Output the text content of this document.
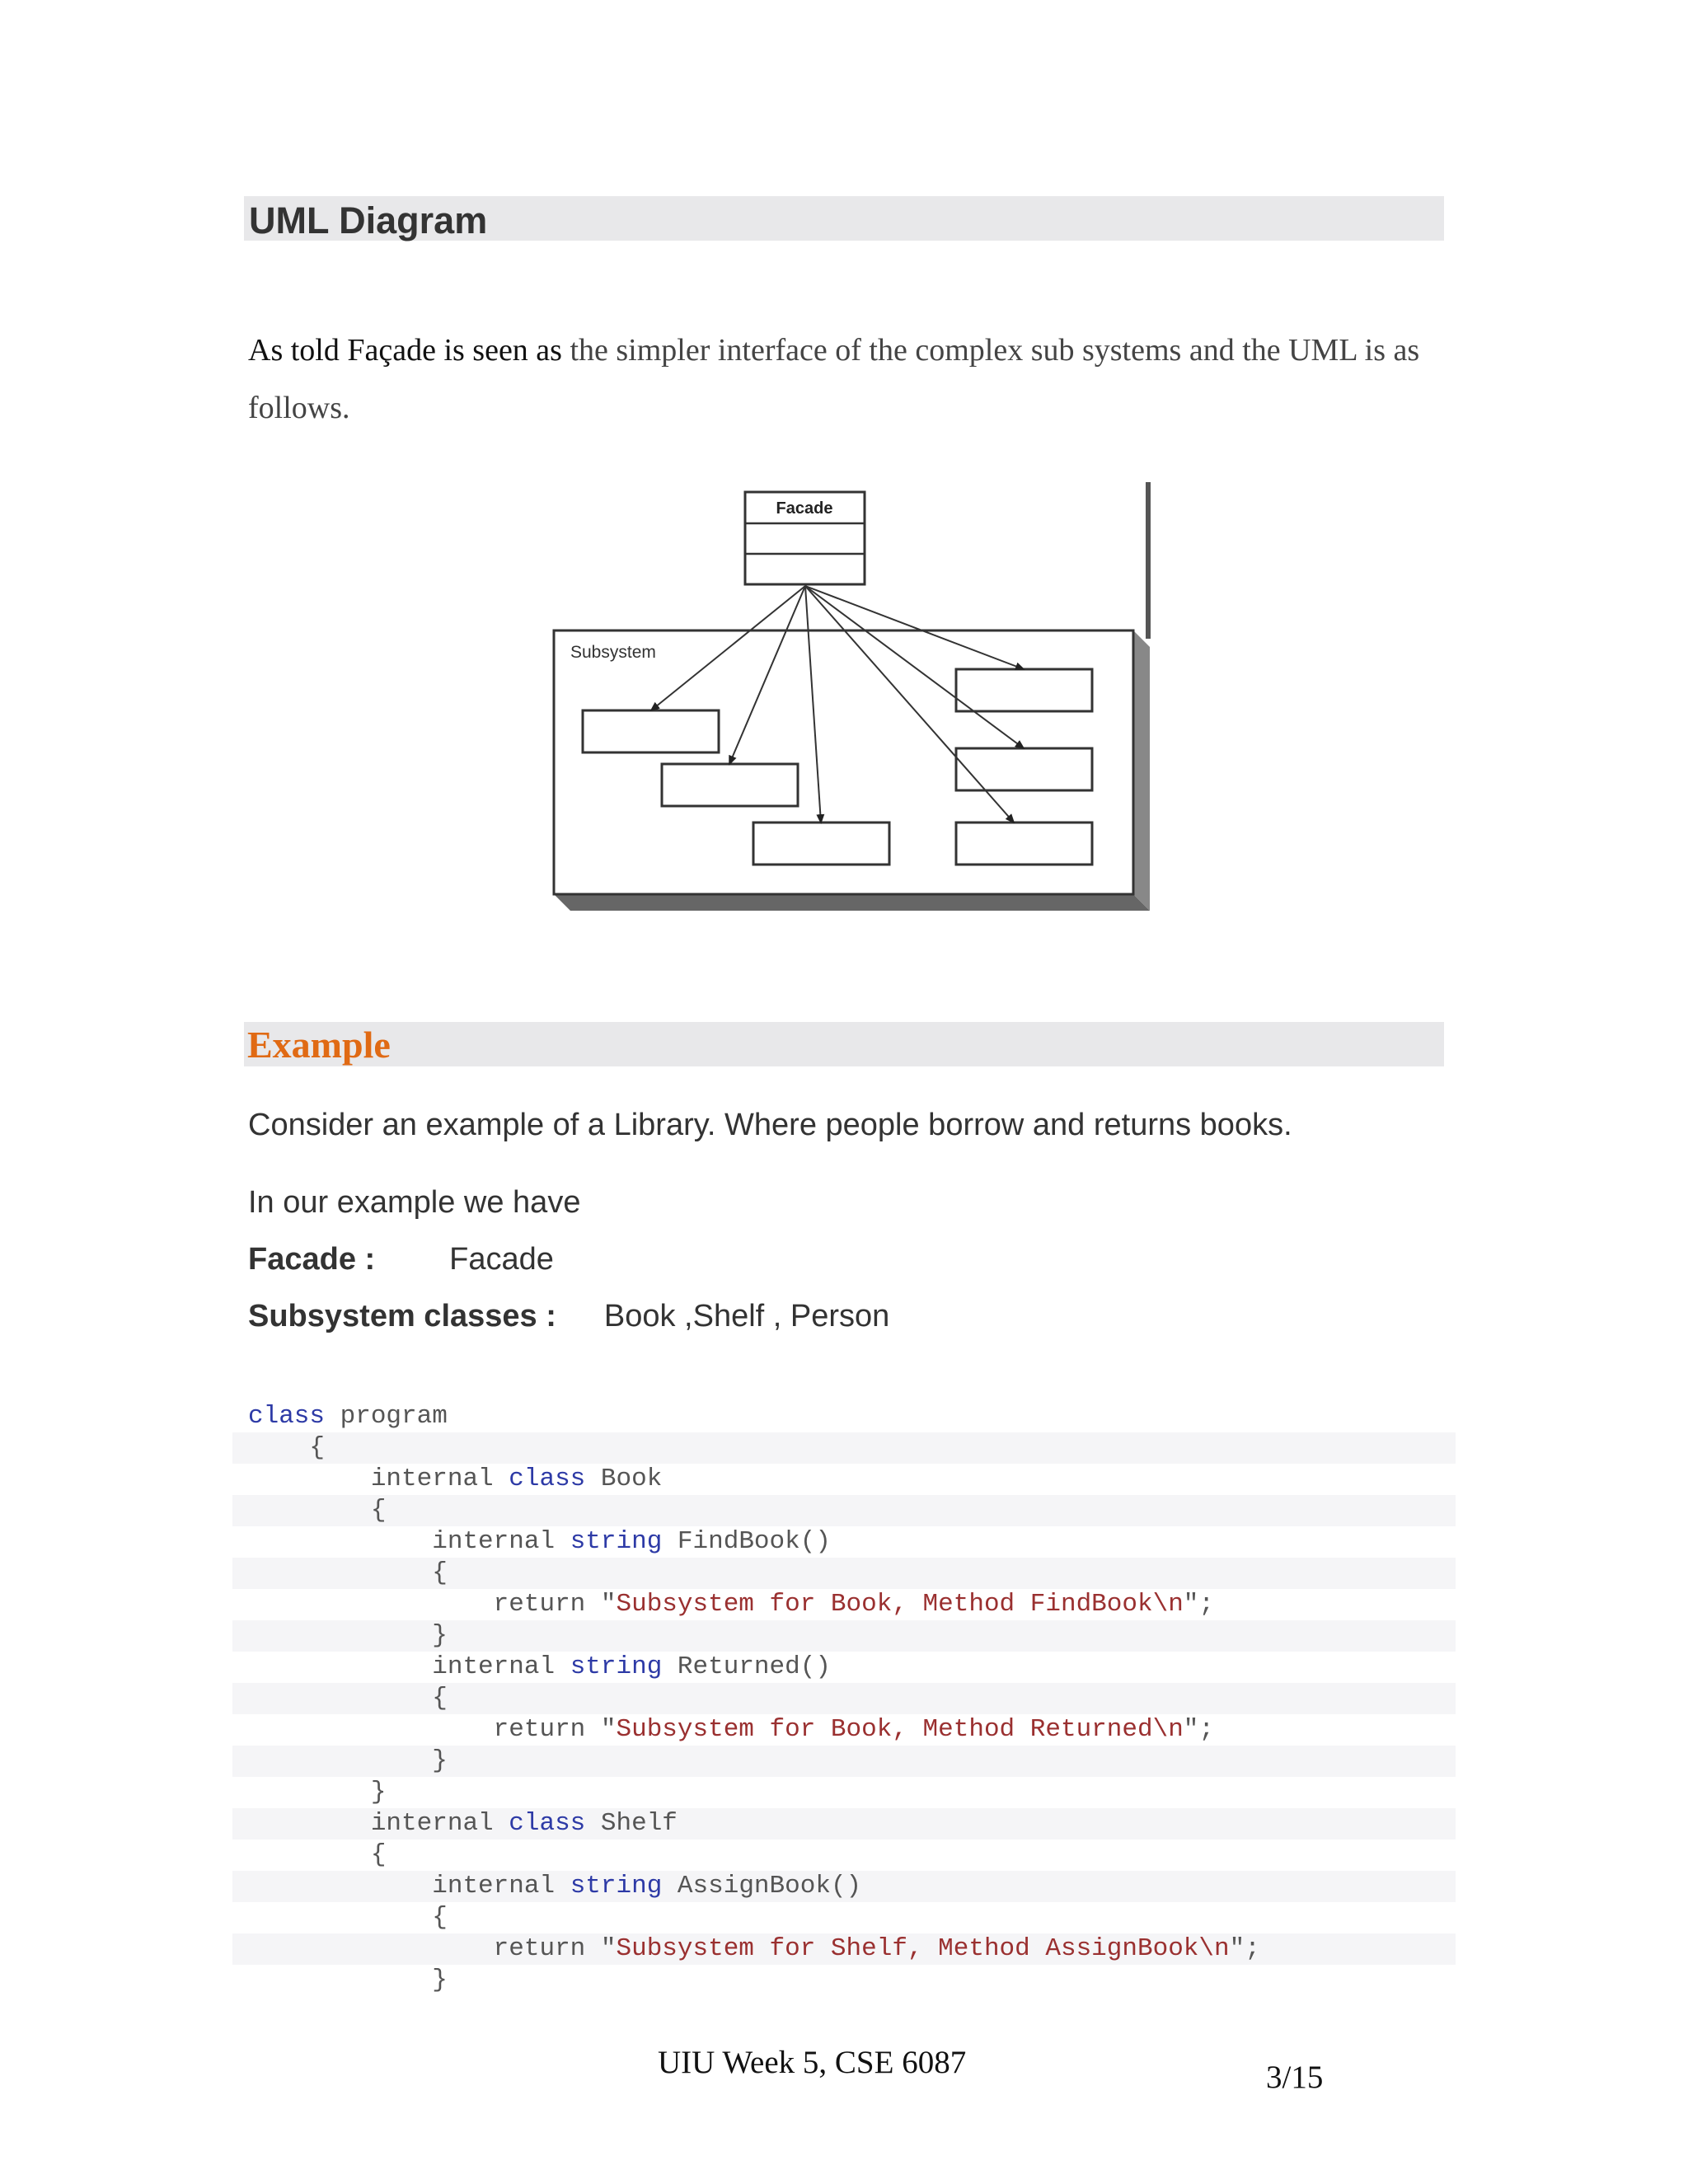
UML Diagram
As told Façade is seen as the simpler interface of the complex sub systems and the UML is as follows.
Subsystem
Facade
Example
Consider an example of a Library. Where people borrow and returns books.
In our example we have
Facade : Facade
Subsystem classes : Book ,Shelf , Person
class program
{
internal class Book
{
internal string FindBook()
{
return "Subsystem for Book, Method FindBook\n";
}
internal string Returned()
{
return "Subsystem for Book, Method Returned\n";
}
}
internal class Shelf
{
internal string AssignBook()
{
return "Subsystem for Shelf, Method AssignBook\n";
}
UIU Week 5, CSE 6087	3/15
